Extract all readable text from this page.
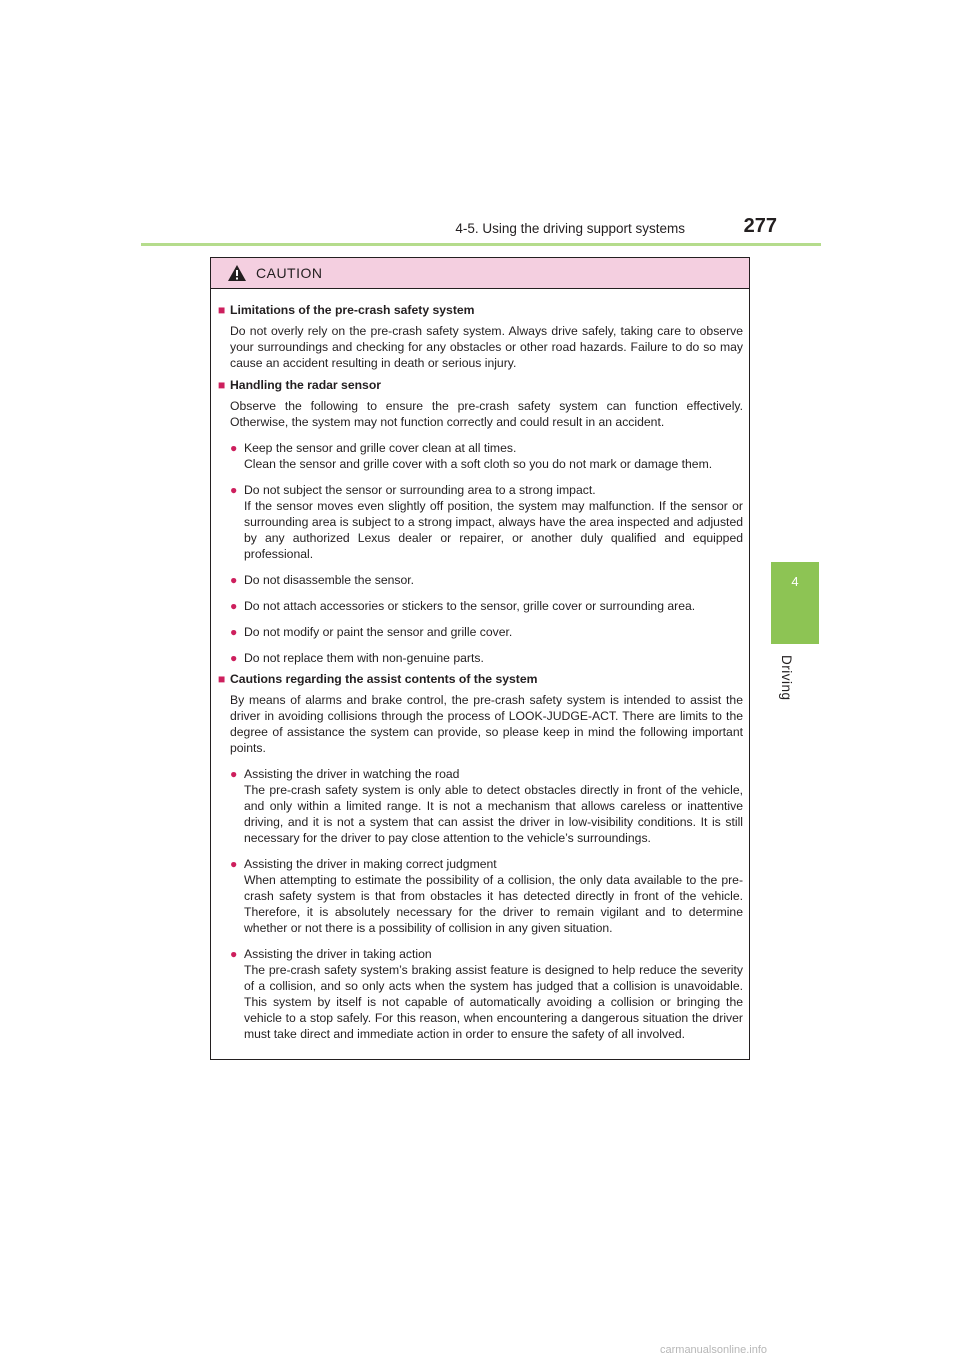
4-5. Using the driving support systems	277
4
Driving
CAUTION
■ Limitations of the pre-crash safety system
Do not overly rely on the pre-crash safety system. Always drive safely, taking care to observe your surroundings and checking for any obstacles or other road hazards. Failure to do so may cause an accident resulting in death or serious injury.
■ Handling the radar sensor
Observe the following to ensure the pre-crash safety system can function effectively. Otherwise, the system may not function correctly and could result in an accident.
● Keep the sensor and grille cover clean at all times.
Clean the sensor and grille cover with a soft cloth so you do not mark or damage them.
● Do not subject the sensor or surrounding area to a strong impact.
If the sensor moves even slightly off position, the system may malfunction. If the sensor or surrounding area is subject to a strong impact, always have the area inspected and adjusted by any authorized Lexus dealer or repairer, or another duly qualified and equipped professional.
● Do not disassemble the sensor.
● Do not attach accessories or stickers to the sensor, grille cover or surrounding area.
● Do not modify or paint the sensor and grille cover.
● Do not replace them with non-genuine parts.
■ Cautions regarding the assist contents of the system
By means of alarms and brake control, the pre-crash safety system is intended to assist the driver in avoiding collisions through the process of LOOK-JUDGE-ACT. There are limits to the degree of assistance the system can provide, so please keep in mind the following important points.
● Assisting the driver in watching the road
The pre-crash safety system is only able to detect obstacles directly in front of the vehicle, and only within a limited range. It is not a mechanism that allows careless or inattentive driving, and it is not a system that can assist the driver in low-visibility conditions. It is still necessary for the driver to pay close attention to the vehicle’s surroundings.
● Assisting the driver in making correct judgment
When attempting to estimate the possibility of a collision, the only data available to the pre-crash safety system is that from obstacles it has detected directly in front of the vehicle. Therefore, it is absolutely necessary for the driver to remain vigilant and to determine whether or not there is a possibility of collision in any given situation.
● Assisting the driver in taking action
The pre-crash safety system’s braking assist feature is designed to help reduce the severity of a collision, and so only acts when the system has judged that a collision is unavoidable. This system by itself is not capable of automatically avoiding a collision or bringing the vehicle to a stop safely. For this reason, when encountering a dangerous situation the driver must take direct and immediate action in order to ensure the safety of all involved.
carmanualsonline.info
